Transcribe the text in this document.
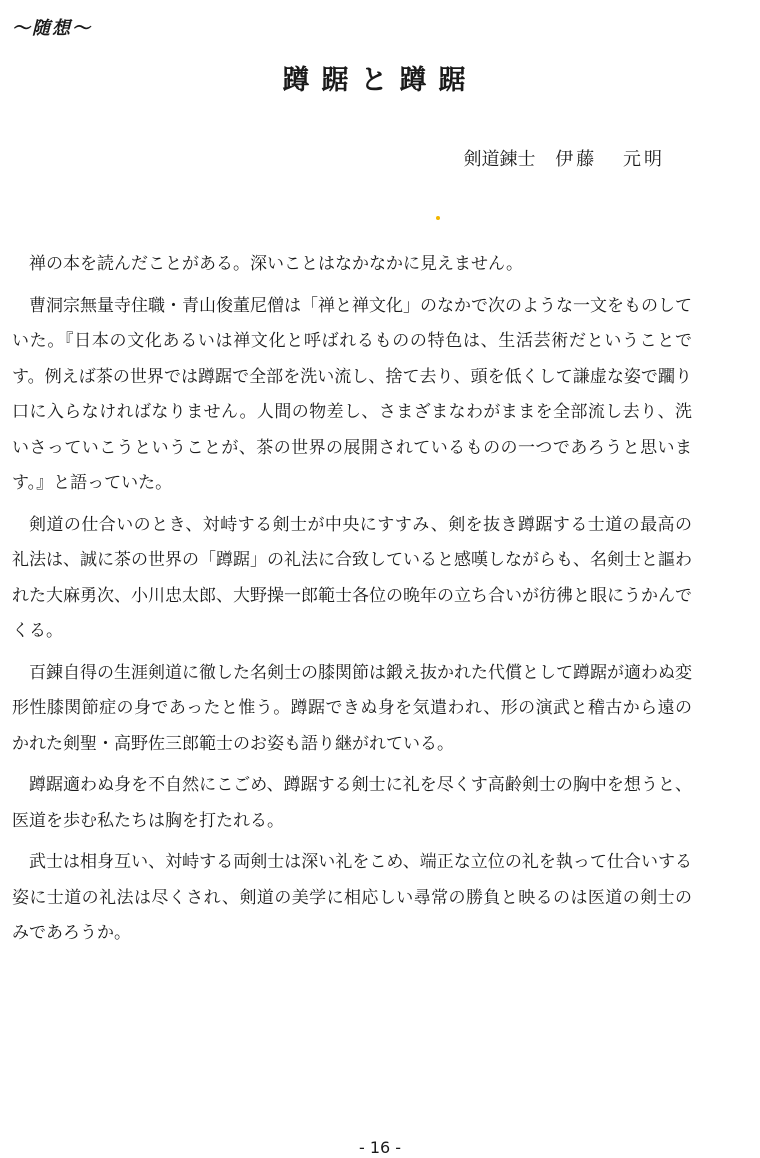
～随想～
蹲踞と蹲踞
剣道錬士 伊藤 元明

禅の本を読んだことがある。深いことはなかなかに見えません。

曹洞宗無量寺住職・青山俊董尼僧は「禅と禅文化」のなかで次のような一文をものしていた。『日本の文化あるいは禅文化と呼ばれるものの特色は、生活芸術だということです。例えば茶の世界では蹲踞で全部を洗い流し、捨て去り、頭を低くして謙虚な姿で躙り口に入らなければなりません。人間の物差し、さまざまなわがままを全部流し去り、洗いさっていこうということが、茶の世界の展開されているものの一つであろうと思います。』と語っていた。

剣道の仕合いのとき、対峙する剣士が中央にすすみ、剣を抜き蹲踞する士道の最高の礼法は、誠に茶の世界の「蹲踞」の礼法に合致していると感嘆しながらも、名剣士と謳われた大麻勇次、小川忠太郎、大野操一郎範士各位の晩年の立ち合いが彷彿と眼にうかんでくる。

百錬自得の生涯剣道に徹した名剣士の膝関節は鍛え抜かれた代償として蹲踞が適わぬ変形性膝関節症の身であったと惟う。蹲踞できぬ身を気遣われ、形の演武と稽古から遠のかれた剣聖・高野佐三郎範士のお姿も語り継がれている。

蹲踞適わぬ身を不自然にこごめ、蹲踞する剣士に礼を尽くす高齢剣士の胸中を想うと、医道を歩む私たちは胸を打たれる。

武士は相身互い、対峙する両剣士は深い礼をこめ、端正な立位の礼を執って仕合いする姿に士道の礼法は尽くされ、剣道の美学に相応しい尋常の勝負と映るのは医道の剣士のみであろうか。

- 16 -
